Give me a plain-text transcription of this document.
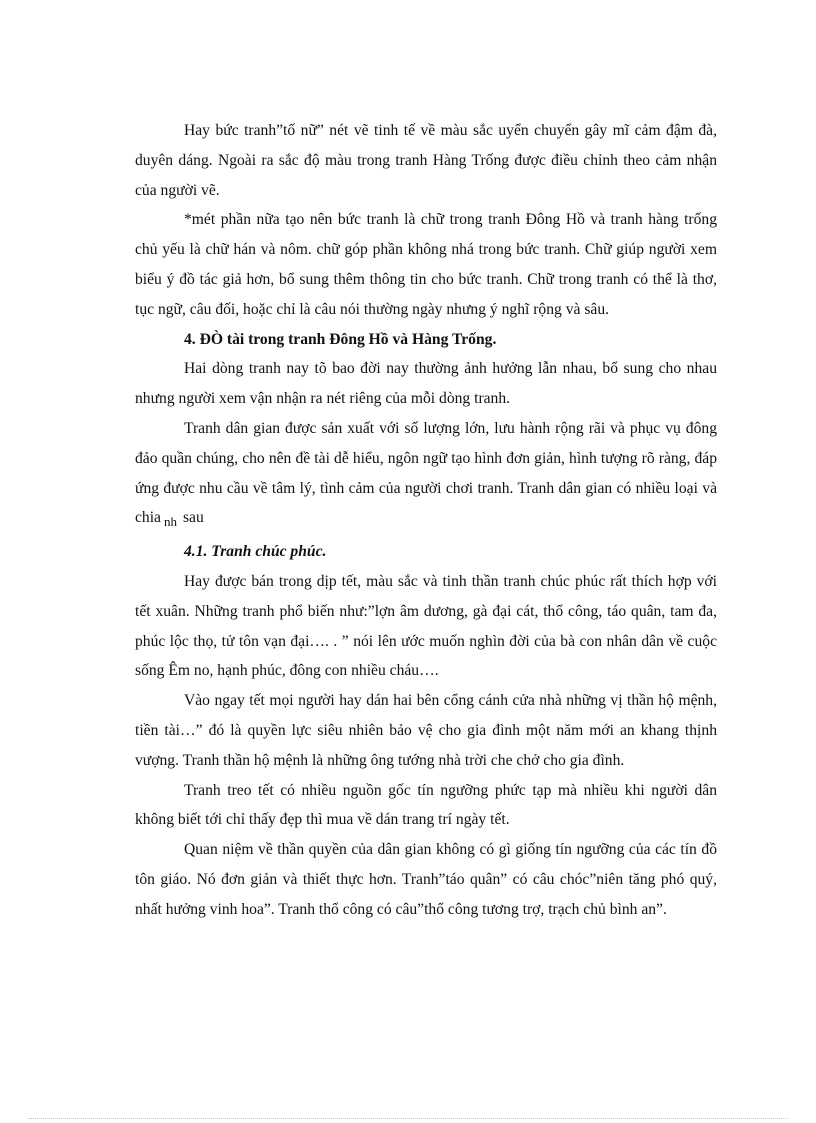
Hay bức tranh”tố nữ” nét vẽ tinh tế về màu sắc uyển chuyển gây mĩ cảm đậm đà, duyên dáng. Ngoài ra sắc độ màu trong tranh Hàng Trống được điều chỉnh theo cảm nhận của người vẽ.

*mét phần nữa tạo nên bức tranh là chữ trong tranh Đông Hồ và tranh hàng trống chủ yếu là chữ hán và nôm. chữ góp phần không nhá trong bức tranh. Chữ giúp người xem biểu ý đồ tác giả hơn, bổ sung thêm thông tin cho bức tranh. Chữ trong tranh có thể là thơ, tục ngữ, câu đối, hoặc chỉ là câu nói thường ngày nhưng ý nghĩ rộng và sâu.

4. ĐÒ tài trong tranh Đông Hồ và Hàng Trống.

Hai dòng tranh nay tõ bao đời nay thường ảnh hưởng lẫn nhau, bổ sung cho nhau nhưng người xem vận nhận ra nét riêng của mỗi dòng tranh.

Tranh dân gian được sản xuất với số lượng lớn, lưu hành rộng rãi và phục vụ đông đảo quần chúng, cho nên đề tài dễ hiểu, ngôn ngữ tạo hình đơn giản, hình tượng rõ ràng, đáp ứng được nhu cầu về tâm lý, tình cảm của người chơi tranh. Tranh dân gian có nhiều loại và chia $_{nh}$ sau

4.1. Tranh chúc phúc.

Hay được bán trong dịp tết, màu sắc và tinh thần tranh chúc phúc rất thích hợp với tết xuân. Những tranh phổ biến như:”lợn âm dương, gà đại cát, thổ công, táo quân, tam đa, phúc lộc thọ, tử tôn vạn đại…. . ” nói lên ước muốn nghìn đời của bà con nhân dân về cuộc sống Êm no, hạnh phúc, đông con nhiều cháu….

Vào ngay tết mọi người hay dán hai bên cổng cánh cửa nhà những vị thần hộ mệnh, tiền tài…” đó là quyền lực siêu nhiên bảo vệ cho gia đình một năm mới an khang thịnh vượng. Tranh thần hộ mệnh là những ông tướng nhà trời che chở cho gia đình.

Tranh treo tết có nhiều nguồn gốc tín ngưỡng phức tạp mà nhiều khi người dân không biết tới chỉ thấy đẹp thì mua về dán trang trí ngày tết.

Quan niệm về thần quyền của dân gian không có gì giống tín ngưỡng của các tín đồ tôn giáo. Nó đơn giản và thiết thực hơn. Tranh”táo quân” có câu chóc”niên tăng phó quý, nhất hưởng vinh hoa”. Tranh thổ công có câu”thổ công tương trợ, trạch chủ bình an”.
